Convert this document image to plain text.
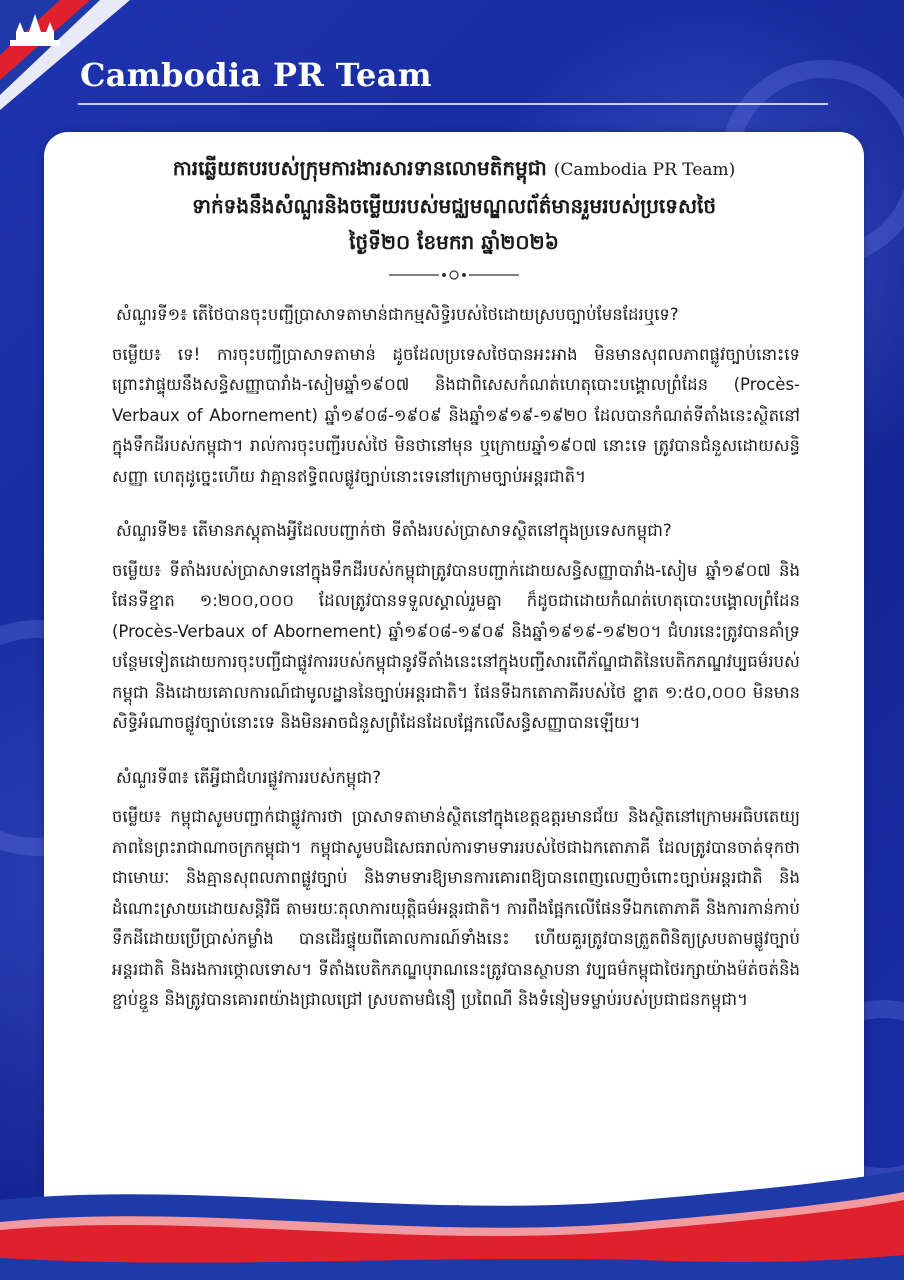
Cambodia PR Team
ការឆ្លើយតបរបស់ក្រុមការងារសារទានលោមតិកម្ពុជា (Cambodia PR Team)
ទាក់ទងនឹងសំណួរនិងចម្លើយរបស់មជ្ឈមណ្ឌលព័ត៌មានរួមរបស់ប្រទេសថៃ
ថ្ងៃទី២០ ខែមករា ឆ្នាំ២០២៦

សំណួរទី១៖ តើថៃបានចុះបញ្ជីប្រាសាទតាមាន់ជាកម្មសិទ្ធិរបស់ថៃដោយស្របច្បាប់មែនដែរឬទេ?

ចម្លើយ៖ ទេ! ការចុះបញ្ជីប្រាសាទតាមាន់ ដូចដែលប្រទេសថៃបានអះអាង មិនមានសុពលភាពផ្លូវច្បាប់នោះទេ ព្រោះវាផ្ទុយនឹងសន្ធិសញ្ញាបារាំង-សៀមឆ្នាំ១៩០៧ និងជាពិសេសកំណត់ហេតុបោះបង្គោលព្រំដែន (Procès-Verbaux of Abornement) ឆ្នាំ១៩០៨-១៩០៩ និងឆ្នាំ១៩១៩-១៩២០ ដែលបានកំណត់ទីតាំងនេះស្ថិតនៅក្នុងទឹកដីរបស់កម្ពុជា។ រាល់ការចុះបញ្ជីរបស់ថៃ មិនថានៅមុន ឬក្រោយឆ្នាំ១៩០៧ នោះទេ ត្រូវបានជំនួសដោយសន្ធិសញ្ញា ហេតុដូច្នេះហើយ វាគ្មានឥទ្ធិពលផ្លូវច្បាប់នោះទេនៅក្រោមច្បាប់អន្តរជាតិ។

សំណួរទី២៖ តើមានភស្តុតាងអ្វីដែលបញ្ជាក់ថា ទីតាំងរបស់ប្រាសាទស្ថិតនៅក្នុងប្រទេសកម្ពុជា?

ចម្លើយ៖ ទីតាំងរបស់ប្រាសាទនៅក្នុងទឹកដីរបស់កម្ពុជាត្រូវបានបញ្ជាក់ដោយសន្ធិសញ្ញាបារាំង-សៀម ឆ្នាំ១៩០៧ និងផែនទីខ្នាត ១:២០០,០០០ ដែលត្រូវបានទទួលស្គាល់រួមគ្នា ក៏ដូចជាដោយកំណត់ហេតុបោះបង្គោលព្រំដែន (Procès-Verbaux of Abornement) ឆ្នាំ១៩០៨-១៩០៩ និងឆ្នាំ១៩១៩-១៩២០។ ជំហរនេះត្រូវបានគាំទ្របន្ថែមទៀតដោយការចុះបញ្ជីជាផ្លូវការរបស់កម្ពុជានូវទីតាំងនេះនៅក្នុងបញ្ជីសារពើភ័ណ្ឌជាតិនៃបេតិកភណ្ឌវប្បធម៌របស់កម្ពុជា និងដោយគោលការណ៍ជាមូលដ្ឋាននៃច្បាប់អន្តរជាតិ។ ផែនទីឯកតោភាគីរបស់ថៃ ខ្នាត ១:៥០,០០០ មិនមានសិទ្ធិអំណាចផ្លូវច្បាប់នោះទេ និងមិនអាចជំនួសព្រំដែនដែលផ្អែកលើសន្ធិសញ្ញាបានឡើយ។

សំណួរទី៣៖ តើអ្វីជាជំហរផ្លូវការរបស់កម្ពុជា?

ចម្លើយ៖ កម្ពុជាសូមបញ្ជាក់ជាផ្លូវការថា ប្រាសាទតាមាន់ស្ថិតនៅក្នុងខេត្តឧត្តរមានជ័យ និងស្ថិតនៅក្រោមអធិបតេយ្យភាពនៃព្រះរាជាណាចក្រកម្ពុជា។ កម្ពុជាសូមបដិសេធរាល់ការទាមទាររបស់ថៃជាឯកតោភាគី ដែលត្រូវបានចាត់ទុកថាជាមោឃៈ និងគ្មានសុពលភាពផ្លូវច្បាប់ និងទាមទារឱ្យមានការគោរពឱ្យបានពេញលេញចំពោះច្បាប់អន្តរជាតិ និងដំណោះស្រាយដោយសន្តិវិធី តាមរយៈតុលាការយុត្តិធម៌អន្តរជាតិ។ ការពឹងផ្អែកលើផែនទីឯកតោភាគី និងការកាន់កាប់ទឹកដីដោយប្រើប្រាស់កម្លាំង បានដើរផ្ទុយពីគោលការណ៍ទាំងនេះ ហើយគួរត្រូវបានត្រួតពិនិត្យស្របតាមផ្លូវច្បាប់អន្តរជាតិ និងរងការថ្កោលទោស។ ទីតាំងបេតិកភណ្ឌបុរាណនេះត្រូវបានស្ថាបនា វប្បធម៌កម្ពុជាថៃរក្សាយ៉ាងម៉ត់ចត់និងខ្ជាប់ខ្ជួន និងត្រូវបានគោរពយ៉ាងជ្រាលជ្រៅ ស្របតាមជំនឿ ប្រពៃណី និងទំនៀមទម្លាប់របស់ប្រជាជនកម្ពុជា។
